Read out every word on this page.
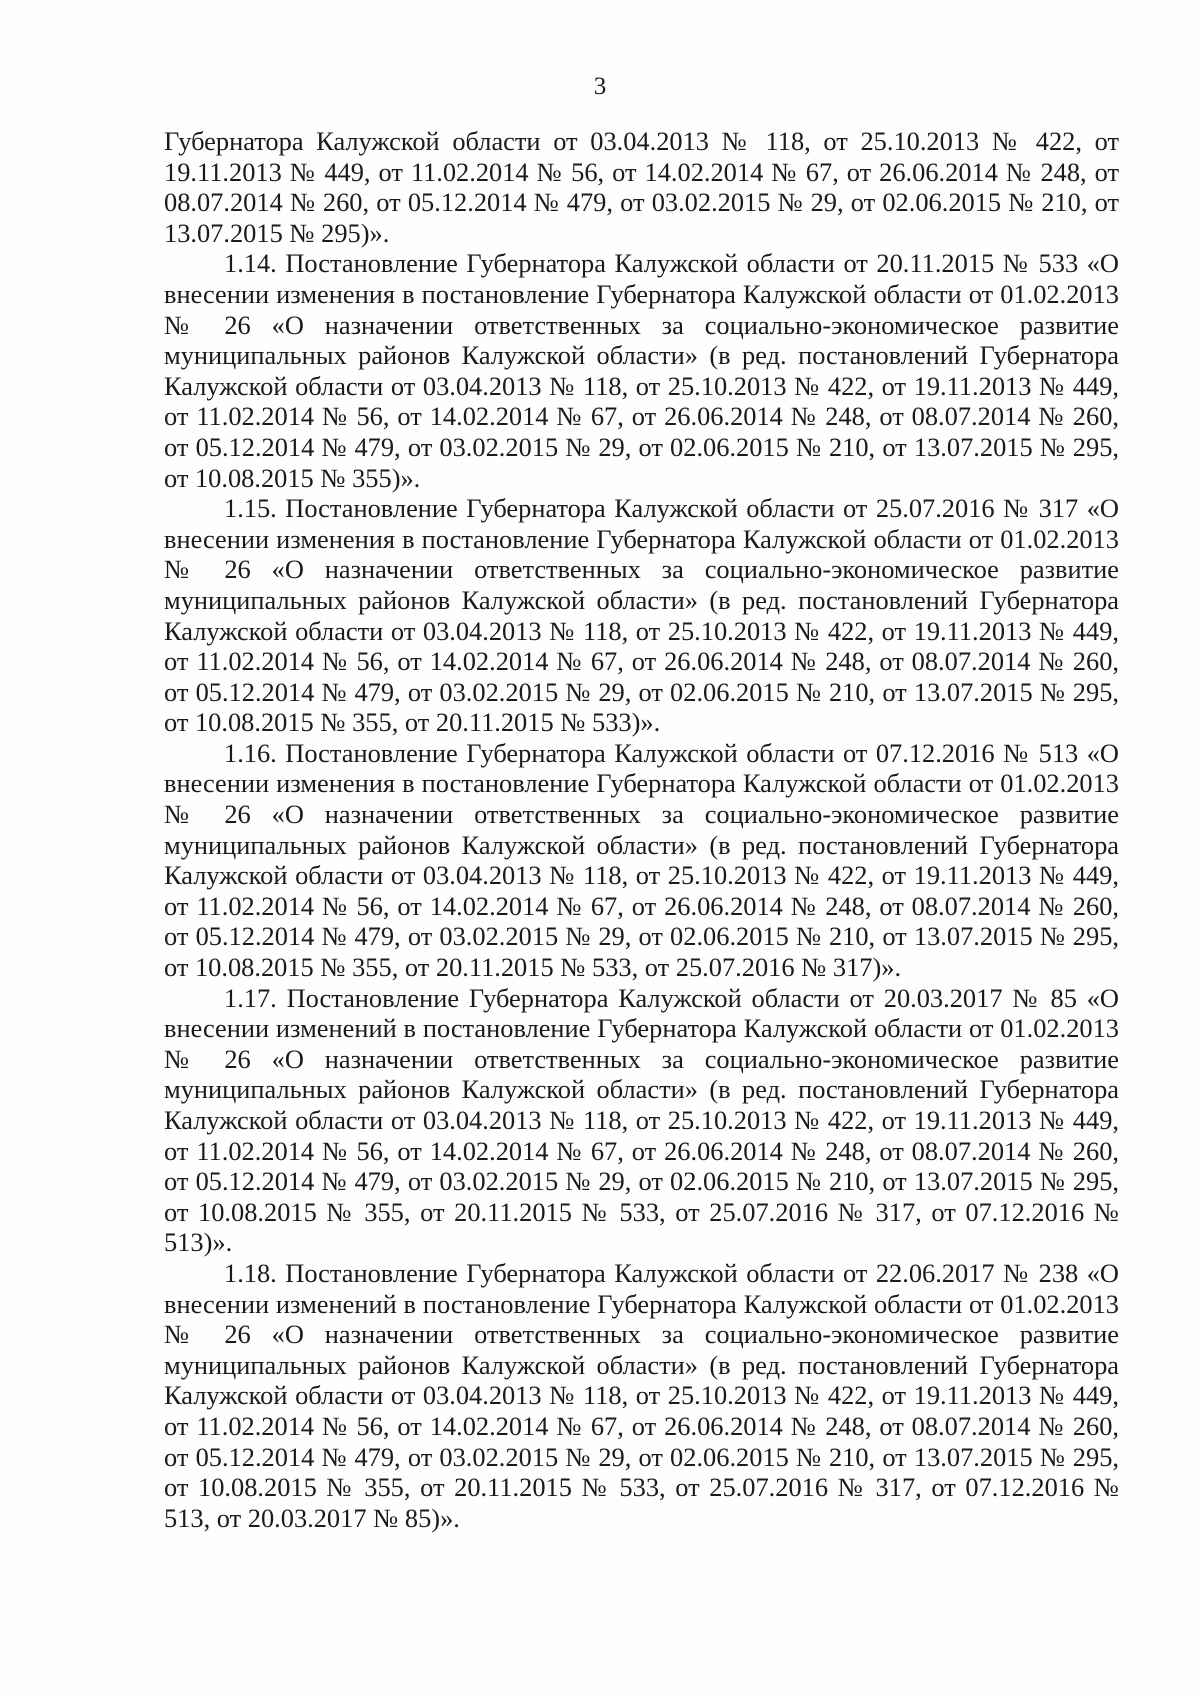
3

Губернатора Калужской области от 03.04.2013 № 118, от 25.10.2013 № 422, от 19.11.2013 № 449, от 11.02.2014 № 56, от 14.02.2014 № 67, от 26.06.2014 № 248, от 08.07.2014 № 260, от 05.12.2014 № 479, от 03.02.2015 № 29, от 02.06.2015 № 210, от 13.07.2015 № 295)».

1.14. Постановление Губернатора Калужской области от 20.11.2015 № 533 «О внесении изменения в постановление Губернатора Калужской области от 01.02.2013 № 26 «О назначении ответственных за социально-экономическое развитие муниципальных районов Калужской области» (в ред. постановлений Губернатора Калужской области от 03.04.2013 № 118, от 25.10.2013 № 422, от 19.11.2013 № 449, от 11.02.2014 № 56, от 14.02.2014 № 67, от 26.06.2014 № 248, от 08.07.2014 № 260, от 05.12.2014 № 479, от 03.02.2015 № 29, от 02.06.2015 № 210, от 13.07.2015 № 295, от 10.08.2015 № 355)».

1.15. Постановление Губернатора Калужской области от 25.07.2016 № 317 «О внесении изменения в постановление Губернатора Калужской области от 01.02.2013 № 26 «О назначении ответственных за социально-экономическое развитие муниципальных районов Калужской области» (в ред. постановлений Губернатора Калужской области от 03.04.2013 № 118, от 25.10.2013 № 422, от 19.11.2013 № 449, от 11.02.2014 № 56, от 14.02.2014 № 67, от 26.06.2014 № 248, от 08.07.2014 № 260, от 05.12.2014 № 479, от 03.02.2015 № 29, от 02.06.2015 № 210, от 13.07.2015 № 295, от 10.08.2015 № 355, от 20.11.2015 № 533)».

1.16. Постановление Губернатора Калужской области от 07.12.2016 № 513 «О внесении изменения в постановление Губернатора Калужской области от 01.02.2013 № 26 «О назначении ответственных за социально-экономическое развитие муниципальных районов Калужской области» (в ред. постановлений Губернатора Калужской области от 03.04.2013 № 118, от 25.10.2013 № 422, от 19.11.2013 № 449, от 11.02.2014 № 56, от 14.02.2014 № 67, от 26.06.2014 № 248, от 08.07.2014 № 260, от 05.12.2014 № 479, от 03.02.2015 № 29, от 02.06.2015 № 210, от 13.07.2015 № 295, от 10.08.2015 № 355, от 20.11.2015 № 533, от 25.07.2016 № 317)».

1.17. Постановление Губернатора Калужской области от 20.03.2017 № 85 «О внесении изменений в постановление Губернатора Калужской области от 01.02.2013 № 26 «О назначении ответственных за социально-экономическое развитие муниципальных районов Калужской области» (в ред. постановлений Губернатора Калужской области от 03.04.2013 № 118, от 25.10.2013 № 422, от 19.11.2013 № 449, от 11.02.2014 № 56, от 14.02.2014 № 67, от 26.06.2014 № 248, от 08.07.2014 № 260, от 05.12.2014 № 479, от 03.02.2015 № 29, от 02.06.2015 № 210, от 13.07.2015 № 295, от 10.08.2015 № 355, от 20.11.2015 № 533, от 25.07.2016 № 317, от 07.12.2016 № 513)».

1.18. Постановление Губернатора Калужской области от 22.06.2017 № 238 «О внесении изменений в постановление Губернатора Калужской области от 01.02.2013 № 26 «О назначении ответственных за социально-экономическое развитие муниципальных районов Калужской области» (в ред. постановлений Губернатора Калужской области от 03.04.2013 № 118, от 25.10.2013 № 422, от 19.11.2013 № 449, от 11.02.2014 № 56, от 14.02.2014 № 67, от 26.06.2014 № 248, от 08.07.2014 № 260, от 05.12.2014 № 479, от 03.02.2015 № 29, от 02.06.2015 № 210, от 13.07.2015 № 295, от 10.08.2015 № 355, от 20.11.2015 № 533, от 25.07.2016 № 317, от 07.12.2016 № 513, от 20.03.2017 № 85)».
